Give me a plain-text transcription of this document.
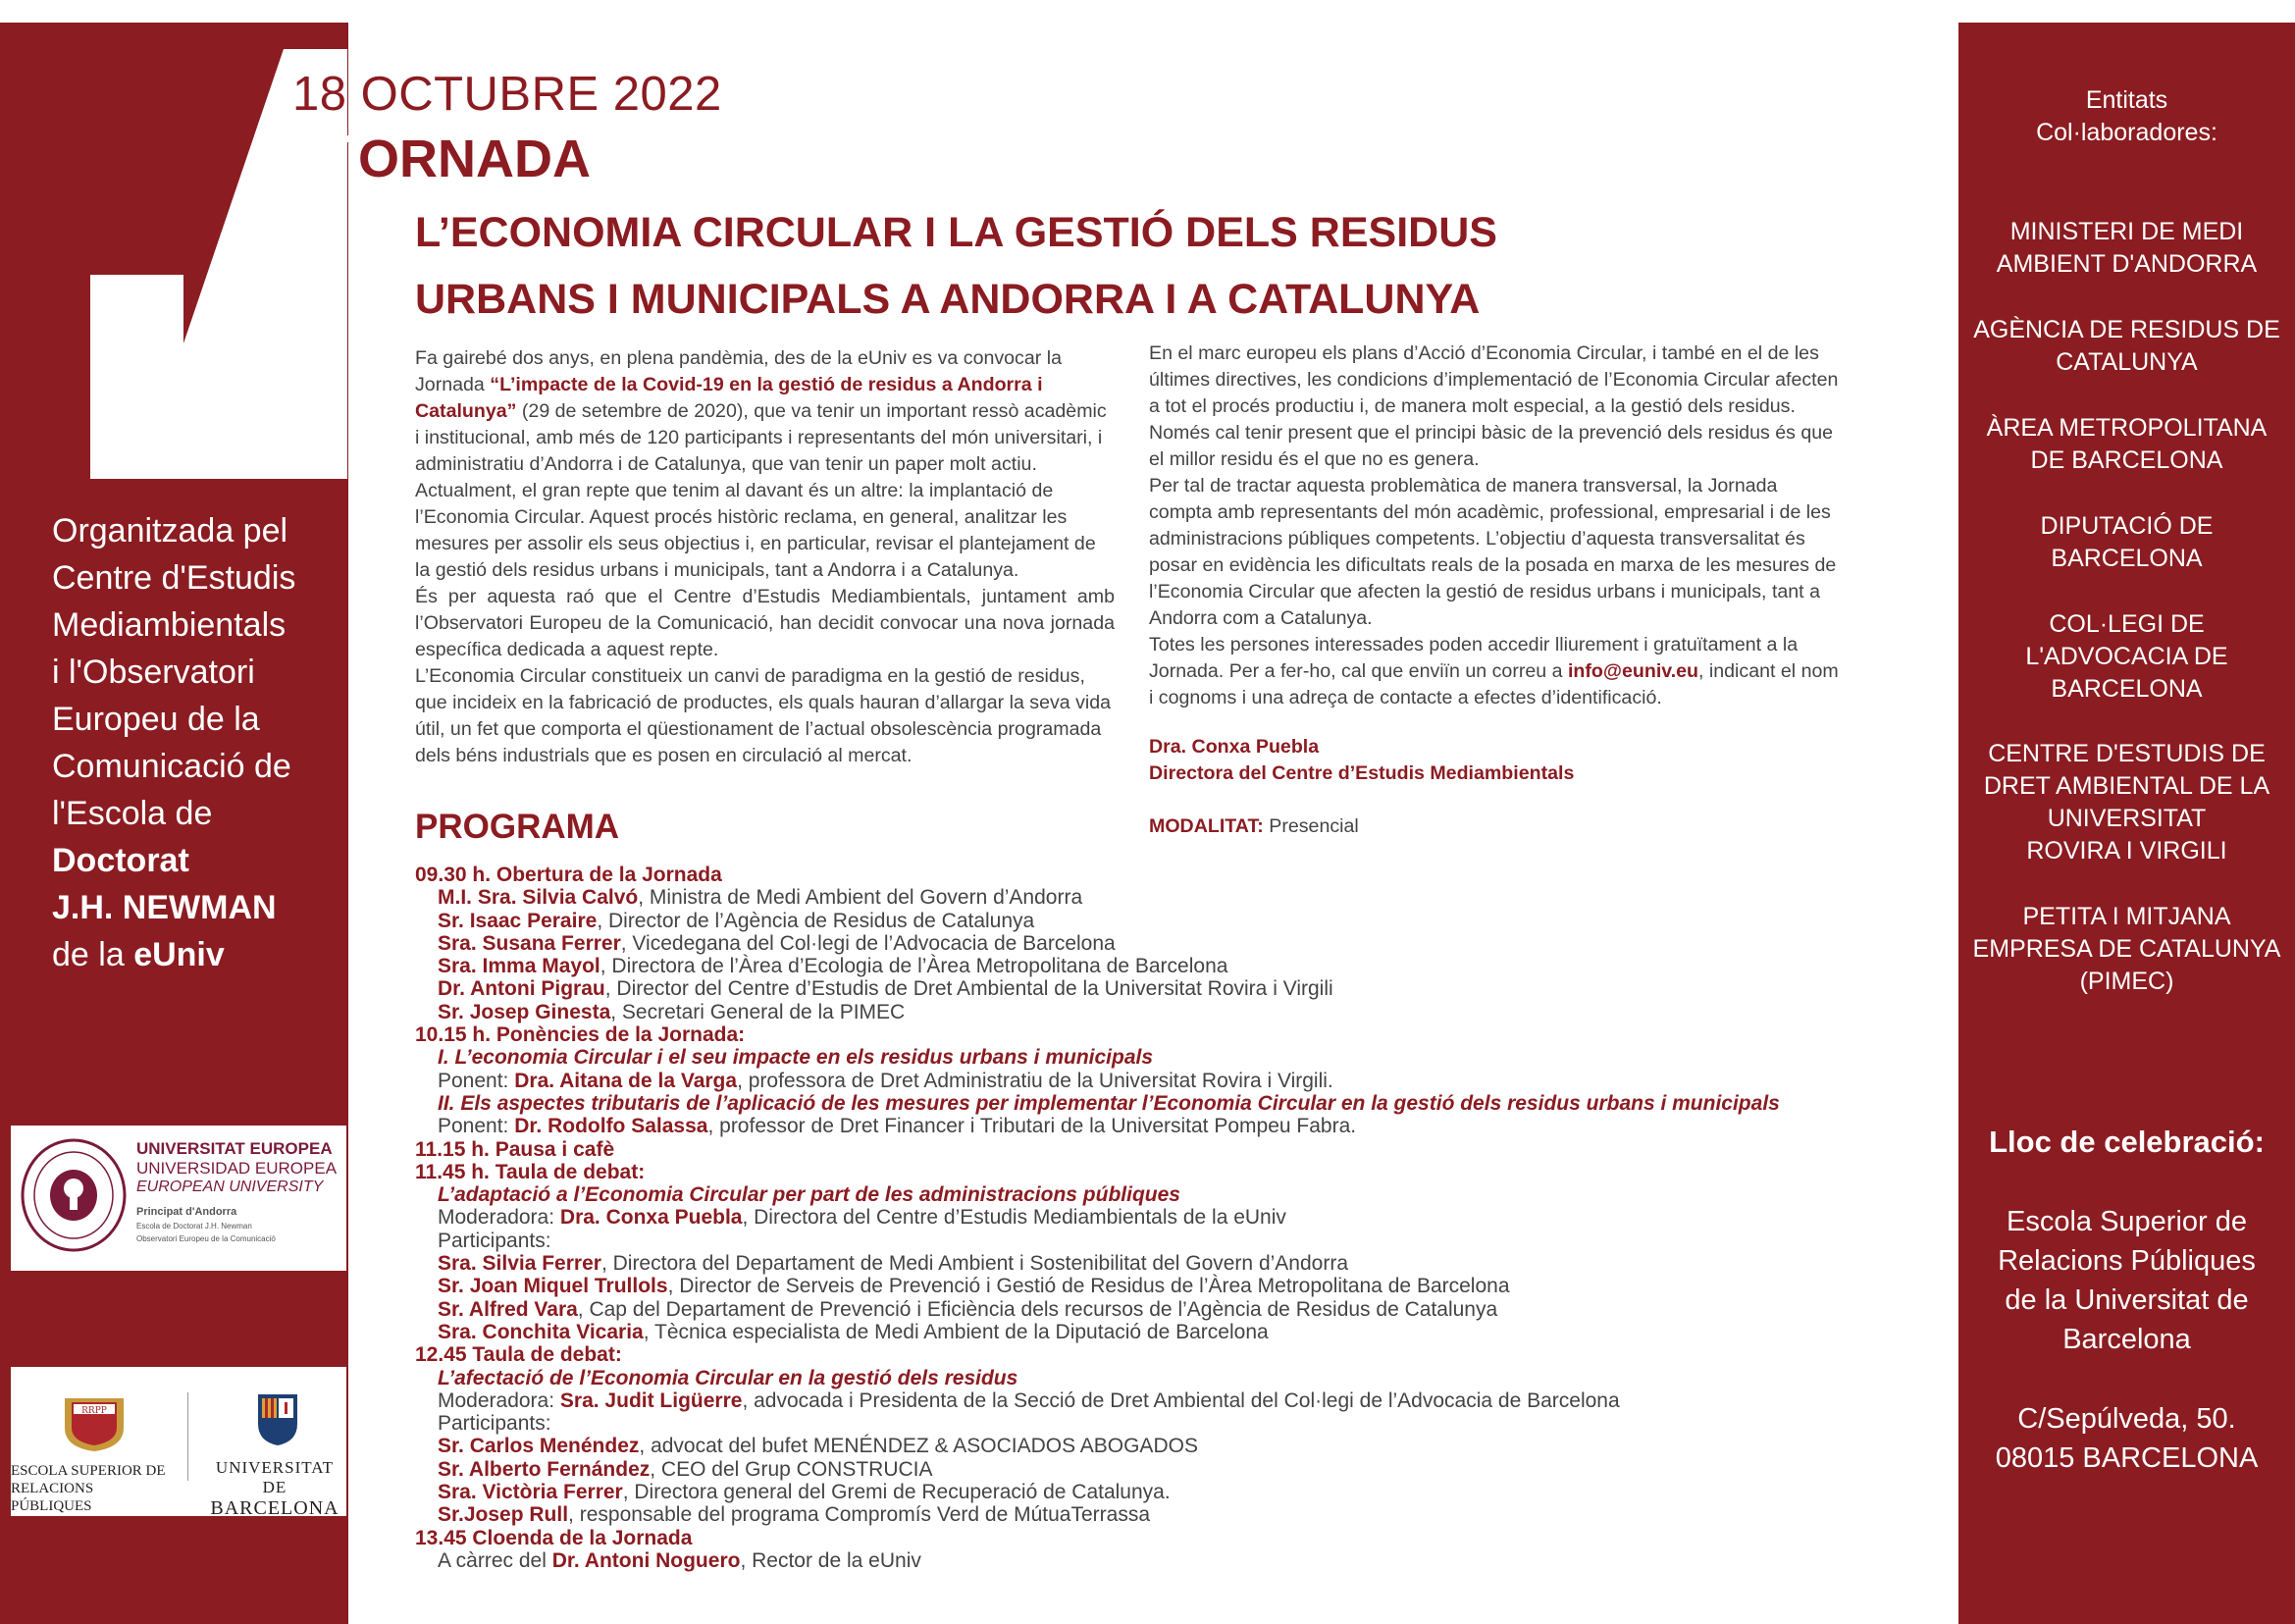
18 OCTUBRE 2022
ORNADA
L’ECONOMIA CIRCULAR I LA GESTIÓ DELS RESIDUS
URBANS I MUNICIPALS A ANDORRA I A CATALUNYA
Organitzada pel
Centre d'Estudis
Mediambientals
i l'Observatori
Europeu de la
Comunicació de
l'Escola de
Doctorat
J.H. NEWMAN
de la eUniv
UNIVERSITAT EUROPEA
UNIVERSIDAD EUROPEA
EUROPEAN UNIVERSITY
Principat d'Andorra
Escola de Doctorat J.H. Newman
Observatori Europeu de la Comunicació
RRPP
ESCOLA SUPERIOR DE
RELACIONS PÚBLIQUES
UNIVERSITAT DE
BARCELONA
Entitats
Col·laboradores:
MINISTERI DE MEDI
AMBIENT D'ANDORRA
AGÈNCIA DE RESIDUS DE
CATALUNYA
ÀREA METROPOLITANA
DE BARCELONA
DIPUTACIÓ DE
BARCELONA
COL·LEGI DE
L'ADVOCACIA DE
BARCELONA
CENTRE D'ESTUDIS DE
DRET AMBIENTAL DE LA
UNIVERSITAT
ROVIRA I VIRGILI
PETITA I MITJANA
EMPRESA DE CATALUNYA
(PIMEC)
Lloc de celebració:
Escola Superior de
Relacions Públiques
de la Universitat de
Barcelona
C/Sepúlveda, 50.
08015 BARCELONA

Fa gairebé dos anys, en plena pandèmia, des de la eUniv es va convocar la Jornada “L’impacte de la Covid-19 en la gestió de residus a Andorra i Catalunya” (29 de setembre de 2020), que va tenir un important ressò acadèmic i institucional, amb més de 120 participants i representants del món universitari, i administratiu d’Andorra i de Catalunya, que van tenir un paper molt actiu.

Actualment, el gran repte que tenim al davant és un altre: la implantació de l’Economia Circular. Aquest procés històric reclama, en general, analitzar les mesures per assolir els seus objectius i, en particular, revisar el plantejament de la gestió dels residus urbans i municipals, tant a Andorra i a Catalunya.

És per aquesta raó que el Centre d’Estudis Mediambientals, juntament amb l’Observatori Europeu de la Comunicació, han decidit convocar una nova jornada específica dedicada a aquest repte.

L’Economia Circular constitueix un canvi de paradigma en la gestió de residus, que incideix en la fabricació de productes, els quals hauran d’allargar la seva vida útil, un fet que comporta el qüestionament de l’actual obsolescència programada dels béns industrials que es posen en circulació al mercat.

En el marc europeu els plans d’Acció d’Economia Circular, i també en el de les últimes directives, les condicions d’implementació de l’Economia Circular afecten a tot el procés productiu i, de manera molt especial, a la gestió dels residus. Només cal tenir present que el principi bàsic de la prevenció dels residus és que el millor residu és el que no es genera.

Per tal de tractar aquesta problemàtica de manera transversal, la Jornada compta amb representants del món acadèmic, professional, empresarial i de les administracions públiques competents. L’objectiu d’aquesta transversalitat és posar en evidència les dificultats reals de la posada en marxa de les mesures de l’Economia Circular que afecten la gestió de residus urbans i municipals, tant a Andorra com a Catalunya.

Totes les persones interessades poden accedir lliurement i gratuïtament a la Jornada. Per a fer-ho, cal que enviïn un correu a info@euniv.eu, indicant el nom i cognoms i una adreça de contacte a efectes d’identificació.

Dra. Conxa Puebla
Directora del Centre d’Estudis Mediambientals
MODALITAT: Presencial
PROGRAMA
09.30 h. Obertura de la Jornada
M.I. Sra. Silvia Calvó, Ministra de Medi Ambient del Govern d’Andorra
Sr. Isaac Peraire, Director de l’Agència de Residus de Catalunya
Sra. Susana Ferrer, Vicedegana del Col·legi de l’Advocacia de Barcelona
Sra. Imma Mayol, Directora de l’Àrea d’Ecologia de l’Àrea Metropolitana de Barcelona
Dr. Antoni Pigrau, Director del Centre d’Estudis de Dret Ambiental de la Universitat Rovira i Virgili
Sr. Josep Ginesta, Secretari General de la PIMEC
10.15 h. Ponències de la Jornada:
I. L’economia Circular i el seu impacte en els residus urbans i municipals
Ponent: Dra. Aitana de la Varga, professora de Dret Administratiu de la Universitat Rovira i Virgili.
II. Els aspectes tributaris de l’aplicació de les mesures per implementar l’Economia Circular en la gestió dels residus urbans i municipals
Ponent: Dr. Rodolfo Salassa, professor de Dret Financer i Tributari de la Universitat Pompeu Fabra.
11.15 h. Pausa i cafè
11.45 h. Taula de debat:
L’adaptació a l’Economia Circular per part de les administracions públiques
Moderadora: Dra. Conxa Puebla, Directora del Centre d’Estudis Mediambientals de la eUniv
Participants:
Sra. Silvia Ferrer, Directora del Departament de Medi Ambient i Sostenibilitat del Govern d’Andorra
Sr. Joan Miquel Trullols, Director de Serveis de Prevenció i Gestió de Residus de l’Àrea Metropolitana de Barcelona
Sr. Alfred Vara, Cap del Departament de Prevenció i Eficiència dels recursos de l’Agència de Residus de Catalunya
Sra. Conchita Vicaria, Tècnica especialista de Medi Ambient de la Diputació de Barcelona
12.45 Taula de debat:
L’afectació de l’Economia Circular en la gestió dels residus
Moderadora: Sra. Judit Ligüerre, advocada i Presidenta de la Secció de Dret Ambiental del Col·legi de l’Advocacia de Barcelona
Participants:
Sr. Carlos Menéndez, advocat del bufet MENÉNDEZ & ASOCIADOS ABOGADOS
Sr. Alberto Fernández, CEO del Grup CONSTRUCIA
Sra. Victòria Ferrer, Directora general del Gremi de Recuperació de Catalunya.
Sr.Josep Rull, responsable del programa Compromís Verd de MútuaTerrassa
13.45 Cloenda de la Jornada
A càrrec del Dr. Antoni Noguero, Rector de la eUniv
